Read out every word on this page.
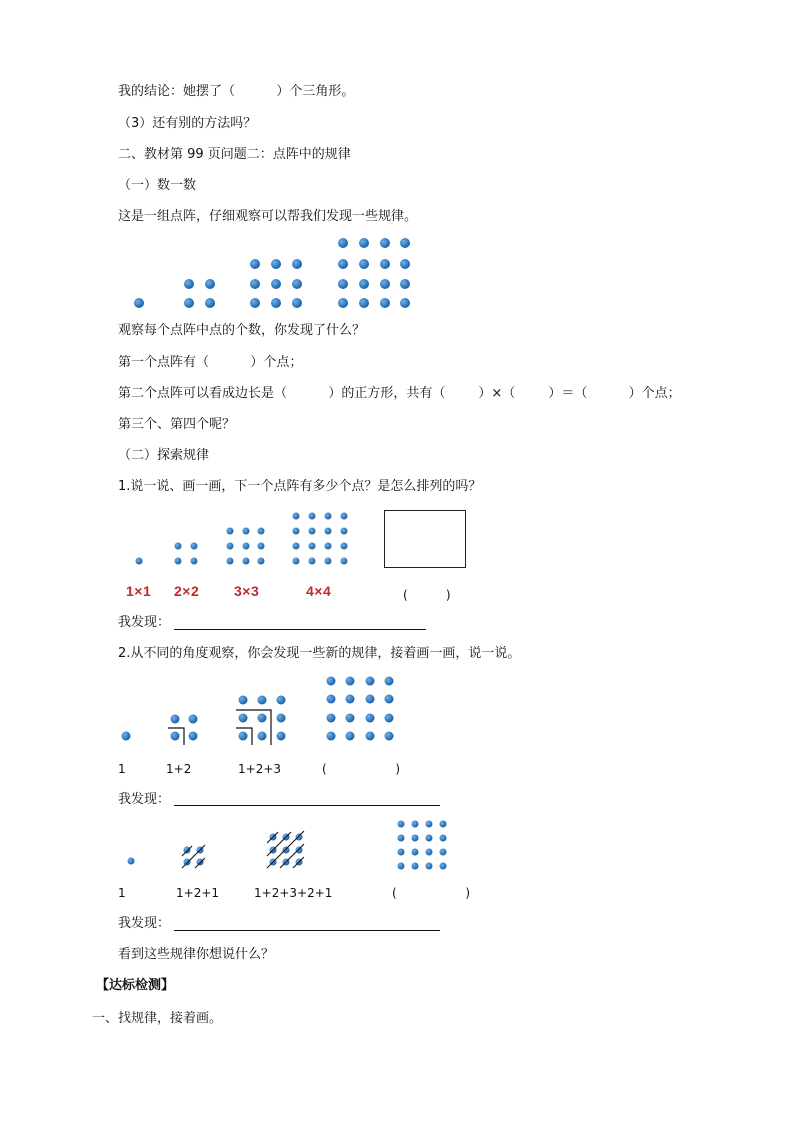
我的结论：她摆了（          ）个三角形。
（3）还有别的方法吗？
二、教材第 99 页问题二：点阵中的规律
（一）数一数
这是一组点阵，仔细观察可以帮我们发现一些规律。
观察每个点阵中点的个数，你发现了什么？
第一个点阵有（          ）个点；
第二个点阵可以看成边长是（          ）的正方形，共有（        ）×（        ）＝（          ）个点；
第三个、第四个呢？
（二）探索规律
1.说一说、画一画，下一个点阵有多少个点？是怎么排列的吗？
1×1 2×2 3×3	4×4	(          )
我发现：
2.从不同的角度观察，你会发现一些新的规律，接着画一画，说一说。
1	1+2	1+2+3	(                  )
我发现：
1	1+2+1	1+2+3+2+1	(                  )
我发现：
看到这些规律你想说什么？
【达标检测】
一、找规律，接着画。
